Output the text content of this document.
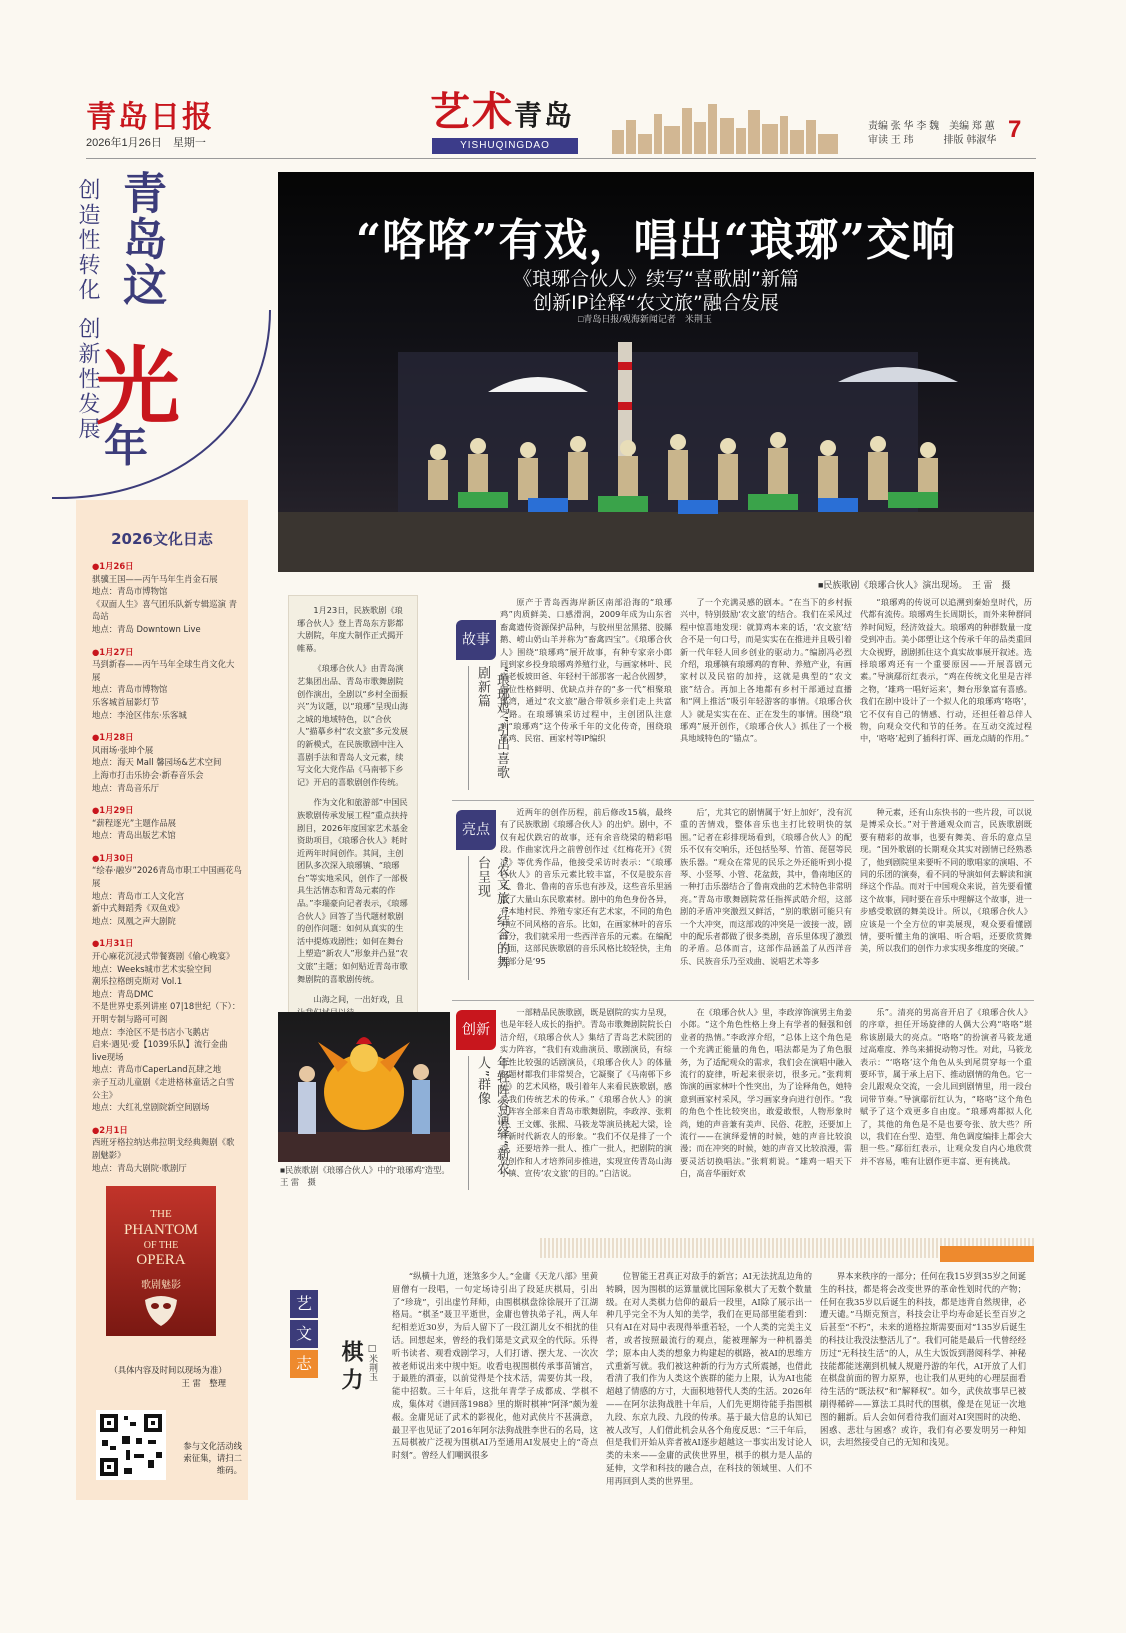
青岛日报
2026年1月26日　星期一
艺术青岛
YISHUQINGDAO
责编 张 华 李 魏　美编 郑 蕙
审读 王 玮　　　排版 韩淑华 7
创造性转化创新性发展
青岛这
光
年
“咯咯”有戏，唱出“琅琊”交响
《琅琊合伙人》续写“喜歌剧”新篇
创新IP诠释“农文旅”融合发展
□青岛日报/观海新闻记者　米荆玉
■民族歌剧《琅琊合伙人》演出现场。　王 雷　摄
2026文化日志
●1月26日
骐骥王国——丙午马年生肖金石展
地点：青岛市博物馆
《双面人生》喜气团乐队新专辑巡演 青岛站
地点：青岛 Downtown Live
●1月27日
马到新春——丙午马年全球生肖文化大展
地点：青岛市博物馆
乐客城首届影灯节
地点：李沧区伟东·乐客城
●1月28日
风雨场·张坤个展
地点：海天 Mall 馨园场&艺术空间
上海市打击乐协会·新春音乐会
地点：青岛音乐厅
●1月29日
“薪程逐光”主题作品展
地点：青岛出版艺术馆
●1月30日
“绘春·融岁”2026青岛市职工中国画花鸟展
地点：青岛市工人文化宫
新中式舞蹈秀《双鱼戏》
地点：凤凰之声大剧院
●1月31日
开心麻花沉浸式带餐赛剧《偷心晚宴》
地点：Weeks城市艺术实验空间
潮乐拉格朗克斯对 Vol.1
地点：青岛DMC
不是世界史系列讲座 07|18世纪（下）：开明专制与路可可阁
地点：李沧区不是书店小飞鹅店
启来·遇见·爱【1039乐队】流行金曲live现场
地点：青岛市CaperLand瓦肆之地
亲子互动儿童剧《走进格林童话之白雪公主》
地点：大红礼堂剧院新空间剧场
●2月1日
西班牙格拉纳达弗拉明戈经典舞剧《歌剧魅影》
地点：青岛大剧院·歌剧厅
THE
PHANTOM
OF THE
OPERA
歌剧魅影
（具体内容及时间以现场为准）
王 雷　整理
参与文化活动线索征集，请扫二维码。

1月23日，民族歌剧《琅琊合伙人》登上青岛东方影都大剧院，年度大制作正式揭开帷幕。

《琅琊合伙人》由青岛演艺集团出品、青岛市歌舞剧院创作演出，全剧以“乡村全面振兴”为议题，以“琅琊”呈现山海之城的地域特色，以“合伙人”描摹乡村“农文旅”多元发展的新模式，在民族歌剧中注入喜剧手法和青岛人文元素，续写文化大党作品《马南邨下乡记》开启的喜歌剧创作传统。

作为文化和旅游部“中国民族歌剧传承发展工程”重点扶持剧目，2026年度国家艺术基金资助项目，《琅琊合伙人》耗时近两年时间创作。其间，主创团队多次深入琅琊镇、“琅琊台”等实地采风，创作了一部极具生活情态和青岛元素的作品。”李瑞豪向记者表示，《琅琊合伙人》回答了当代题材歌剧的创作问题：如何从真实的生活中提炼戏剧性；如何在舞台上塑造“新农人”形象并凸显“农文旅”主题；如何贴近青岛市歌舞剧院的喜歌剧传统。

山海之间，一出好戏，且

故事
“琅琊鸡”引出喜歌剧新篇
亮点
“农文旅”结合的舞台呈现
创新
年轻阵容演绎“新农人”群像

原产于青岛西海岸新区南部沿海的“琅琊鸡”肉质鲜美、口感滑润，2009年成为山东省畜禽遗传资源保护品种，与胶州里岔黑猪、胶縣鹅、崂山奶山羊并称为“畜禽四宝”。《琅琊合伙人》围绕“琅琊鸡”展开故事，有种专家亲小郎回到家乡投身琅琊鸡养殖行业，与画家林叶、民宿老板坡田爸、年轻村干部那客一起合伙圆梦，四位性格鲜明、优缺点并存的“多一代”相聚琅琊湾，通过“农文旅”融合带领乡亲们走上共富之路。在琅琊镇采访过程中，主创团队注意到“琅琊鸡”这个传承千年的文化传奇，围绕琅琊鸡、民宿、画家村等IP编织

了一个充满灵感的剧本。“在当下的乡村振兴中，特别鼓励‘农文旅’的结合。我们在采风过程中惊喜地发现：就算鸡本来的话，‘农文旅’结合不是一句口号，而是实实在在推进并且吸引着新一代年轻人回乡创业的驱动力。”编剧冯必烈介绍，琅琊镇有琅琊鸡的育种、养殖产业，有画家村以及民宿的加持，这就是典型的“农文旅”结合。再加上各地都有乡村干部通过直播和“网上推活”吸引年轻游客的事情。《琅琊合伙人》就是实实在在、正在发生的事情。围绕“琅琊鸡”展开创作，《琅琊合伙人》抓住了一个极具地域特色的“锚点”。

“琅琊鸡的传说可以追溯到秦始皇时代，历代都有流传。琅琊鸡生长周期长，而外来种群同养时间短，经济效益大。琅琊鸡的种群数量一度受到冲击。美小郎塑让这个传承千年的品类重回大众视野，剧剧抓住这个真实故事展开叙述。选择琅琊鸡还有一个重要原因——开展喜剧元素。”导演鄢衍红表示，“鸡在传统文化里是吉祥之物，‘雄鸡一唱好运来’，舞台形象富有喜感。我们在剧中设计了一个拟人化的琅琊鸡‘咯咯’，它不仅有自己的情感、行动，还担任着总伴人物，向观众交代和节的任务。在互动交流过程中，‘咯咯’起到了插科打诨、画龙点睛的作用。”

近两年的创作历程，前后修改15稿，最终有了民族歌剧《琅琊合伙人》的出炉。剧中，不仅有起伏跌宕的故事，还有余音绕梁的精彩唱段。作曲家沈丹之前曾创作过《红梅花开》《贺凉》等优秀作品，他接受采访时表示：“《琅琊合伙人》的音乐元素比较丰富，不仅是胶东音乐、鲁北、鲁南的音乐也有涉及，这些音乐里涵盖了大量山东民歌素材。剧中的角色身份各异，有本地村民、养殖专家还有艺术家，不同的角色对应不同风格的音乐。比如，在画家林叶的音乐部分，我们就采用一些西洋音乐的元素。在编配方面，这部民族歌剧的音乐风格比较轻快，主角大部分是‘95

后’，尤其它的剧情属于‘好上加好’，没有沉重的苦情戏，整体音乐也主打比较明快的氛围。”记者在彩排现场看到，《琅琊合伙人》的配乐不仅有交响乐，还包括坠琴、竹笛、琵琶等民族乐器。“观众在常见的民乐之外还能听到小提琴、小竖琴、小管、花盆鼓，其中，鲁南地区的一种打击乐器结合了鲁南戏曲的艺术特色非常明亮。”青岛市歌舞剧院常任指挥武皓介绍，这部剧的矛盾冲突激烈又鲜活，“别的歌剧可能只有一个大冲突，而这部戏的冲突是一波接一波，剧中的配乐者都做了很多类剧，音乐里体现了激烈的矛盾。总体而言，这部作品涵盖了从西洋音乐、民族音乐乃至戏曲、说唱艺术等多

种元素，还有山东快书的一些片段，可以说是博采众长。”对于普通观众而言，民族歌剧既要有精彩的故事，也要有舞美、音乐的意点呈现。“国外歌剧的长期观众其实对剧情已经熟悉了，他到剧院里来要听不同的歌唱家的演唱、不同的乐团的演奏，看不同的导演如何去解读和演绎这个作品。而对于中国观众来说，首先要看懂这个故事，同时要在音乐中理解这个故事，进一步感受歌剧的舞美设计。所以，《琅琊合伙人》应该是一个全方位的审美展现，观众要看懂剧情，要听懂主角的演唱、听合唱，还要欣赏舞美，所以我们的创作力求实现多维度的突破。”

一部精品民族歌剧，既是剧院的实力呈现，也是年轻人成长的指护。青岛市歌舞剧院院长白洁介绍，《琅琊合伙人》集结了青岛艺术院团的实力阵容，“我们有戏曲演员、歌剧演员，有综合性比较强的话剧演员，《琅琊合伙人》的体量和题材都我们非常契合，它凝聚了《马南邨下乡记》的艺术风格，吸引着年人来看民族歌剧，感受我们传统艺术的传承。”《琅琊合伙人》的演员阵容全部来自青岛市歌舞剧院，李政淳、张莉莉、王文娜、张熙、马筱龙等演员挑起大梁，诠释新时代新农人的形象。“我们不仅是排了一个戏，还要培养一批人、推广一批人，把剧院的演员创作和人才培养同步推进，实现宣传青岛山海小镇、宣传‘农文旅’的目的。”白洁说。

在《琅琊合伙人》里，李政淳饰演男主角姜小郎。“这个角色性格上身上有学者的倔强和创业者的热情。”李政淳介绍，“总体上这个角色是一个充满正能量的角色，唱法都是为了角色服务，为了适配观众的需求，我们会在演唱中融入流行的旋律，听起来很亲切，很多元。”张莉莉饰演的画家林叶个性突出，为了诠释角色，她特意到画家村采风，学习画家身向进行创作。“我的角色个性比较突出，敢爱敢恨，人物形象时尚，她的声音兼有美声、民俗、花腔，还要加上流行——在演绎爱情的时候，她的声音比较浪漫；而在冲突的时候，她的声音又比较浪漫，需要灵活切换唱法。”张莉莉说。“雄鸡一唱天下白，高音华丽好欢

乐”。清亮的男高音开启了《琅琊合伙人》的序章，担任开场旋律的人偶大公鸡“咯咯”堪称该剧最大的亮点。“咯咯”的扮演者马筱龙通过高难度、养鸟来捕捉动物习性。对此，马筱龙表示：“‘咯咯’这个角色从头到尾贯穿每一个重要环节，属于承上启下、推动剧情的角色。它一会儿跟观众交流，一会儿回到剧情里，用一段台词带节奏。”导演鄢衍红认为，“咯咯”这个角色赋予了这个戏更多自由度。“琅琊鸡都拟人化了，其他的角色是不是也要夸张、放大些？所以，我们在台型、造型、角色调度编排上都会大胆一些。”鄢衍红表示，让观众发自内心地欣赏并不容易，唯有让剧作更丰富、更有挑战。

■民族歌剧《琅琊合伙人》中的“琅琊鸡”造型。王 雷　摄
艺
文
志 棋力 □米荆玉

“纵横十九道，迷煞多少人。”金庸《天龙八部》里黄眉僧有一段唱，一句定场诗引出了段延庆棋局，引出了“珍珑”，引出虚竹拜师，由围棋棋盘徐徐展开了江湖格局。“棋圣”聂卫平逝世，金庸也曾执弟子礼，两人年纪相差近30岁，为后人留下了一段江湖儿女不相扰的佳话。回想起来，曾经的我们第是文武双全的代际。乐得听书读者、观看戏剧学习，人们打谱、摆大龙、一次次被老师说出来中规中矩。收看电视围棋传承事苗铺宫，于最胜的酒壶，以前觉得是个技术活，需要仿其一段，能中招数。三十年后，这批年青学子成都成、学棋不成，集体对《谱回落1988》里的斯时棋神“阿泽”颇为羞赧。金庸见证了武术的影视化，他对武侠片不甚满意，最卫平也见证了2016年阿尔法狗战胜李世石的名局，这五局棋被广泛视为围棋AI乃至通用AI发展史上的“奇点时刻”。曾经人们嘲讽很多

位智能王君真正对敌手的新宫；AI无法扰乱边角的转瞬，因为围棋的运算量就比国际象棋大了无数个数量级。在对人类棋力信仰的最后一段里，AI除了展示出一种几乎完全不为人知的美学，我们在更局部里能看到：只有AI在对局中表现得举重若轻，一个人类的完美主义者，或者按照最流行的观点，能被理解为一种机器美学；原本由人类的想象力构建起的棋路，被AI的思维方式重新写就。我们被这种新的行为方式所震撼，也借此看清了我们作为人类这个族群的能力上限，认为AI也能超越了情感的方寸，大面积地替代人类的生活。2026年——在阿尔法狗战胜十年后，人们先更期待能手指围棋九段、东京九段、九段的传承。基于最大信息的认知已被人改写，人们借此机会从各个角度反思：“三千年后，但是我们开始从弈者被AI逐步超越这一事实出发讨论人类的未来——金庸的武侠世界里，棋手的棋力是人品的延伸，文学和科技的融合点，在科技的领域里、人们不用再回到人类的世界里。

界本来秩序的一部分；任何在我15岁到35岁之间诞生的科技，都是将会改变世界的革命性划时代的产物；任何在我35岁以后诞生的科技，都是违背自然规律，必遭天谴。”马斯克预言，科技会让乎均寿命延长至百岁之后甚至“不朽”，未来的道格拉斯需要面对“135岁后诞生的科技让我没法整活儿了”。我们可能是最后一代曾经经历过“无科技生活”的人，从生大饭饭到潜阅科学、神秘技能都能迷潮到机械人规避丹游的年代，AI开放了人们在棋盘前面的智力原界，也让我们从更纯的心理层面看待生活的“既法权”和“解释权”。如今，武侠故事早已被刷得稀碎——算法工具时代的围棋，像是在见证一次地图的翻新。后人会如何看待我们面对AI突围时的决绝、困惑、悲壮与困惑？或许，我们有必要发明另一种知识，去坦然接受自己的无知和浅见。
